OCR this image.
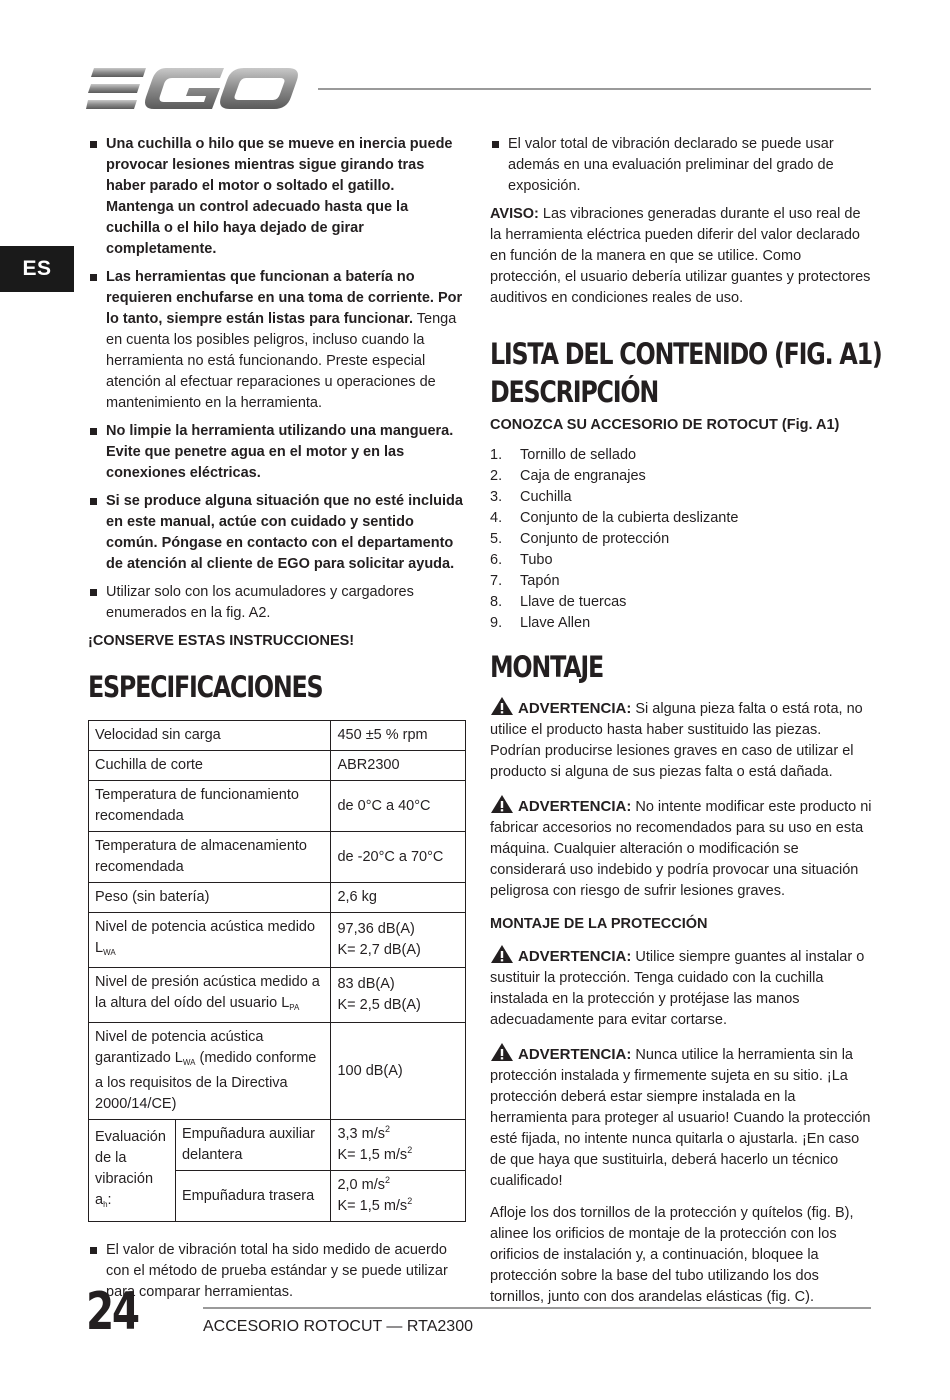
ES
Una cuchilla o hilo que se mueve en inercia puede provocar lesiones mientras sigue girando tras haber parado el motor o soltado el gatillo. Mantenga un control adecuado hasta que la cuchilla o el hilo haya dejado de girar completamente.
Las herramientas que funcionan a batería no requieren enchufarse en una toma de corriente. Por lo tanto, siempre están listas para funcionar. Tenga en cuenta los posibles peligros, incluso cuando la herramienta no está funcionando. Preste especial atención al efectuar reparaciones u operaciones de mantenimiento en la herramienta.
No limpie la herramienta utilizando una manguera. Evite que penetre agua en el motor y en las conexiones eléctricas.
Si se produce alguna situación que no esté incluida en este manual, actúe con cuidado y sentido común. Póngase en contacto con el departamento de atención al cliente de EGO para solicitar ayuda.
Utilizar solo con los acumuladores y cargadores enumerados en la fig. A2.
¡CONSERVE ESTAS INSTRUCCIONES!
ESPECIFICACIONES
Velocidad sin carga		450 ±5 % rpm
Cuchilla de corte		ABR2300
Temperatura de funcionamiento recomendada		de 0°C a 40°C
Temperatura de almacenamiento recomendada		de -20°C a 70°C
Peso (sin batería)		2,6 kg
Nivel de potencia acústica medido $L_{WA}$		97,36 dB(A)
K= 2,7 dB(A)

Nivel de presión acústica medido a la altura del oído del usuario $L_{PA}$		83 dB(A)
K= 2,5 dB(A)

Nivel de potencia acústica garantizado $L_{WA}$ (medido conforme a los requisitos de la Directiva 2000/14/CE)		100 dB(A)
Evaluación de la vibración $a_h$:	Empuñadura auxiliar delantera	3,3 $m/s^2$
K= 1,5 $m/s^2$

	Empuñadura trasera	2,0 $m/s^2$
K= 1,5 $m/s^2$
El valor de vibración total ha sido medido de acuerdo con el método de prueba estándar y se puede utilizar para comparar herramientas.
El valor total de vibración declarado se puede usar además en una evaluación preliminar del grado de exposición.
AVISO: Las vibraciones generadas durante el uso real de la herramienta eléctrica pueden diferir del valor declarado en función de la manera en que se utilice. Como protección, el usuario debería utilizar guantes y protectores auditivos en condiciones reales de uso.
LISTA DEL CONTENIDO (FIG. A1)
DESCRIPCIÓN
CONOZCA SU ACCESORIO DE ROTOCUT (Fig. A1)
1.	Tornillo de sellado
2.	Caja de engranajes
3.	Cuchilla
4.	Conjunto de la cubierta deslizante
5.	Conjunto de protección
6.	Tubo
7.	Tapón
8.	Llave de tuercas
9.	Llave Allen
MONTAJE
ADVERTENCIA: Si alguna pieza falta o está rota, no utilice el producto hasta haber sustituido las piezas. Podrían producirse lesiones graves en caso de utilizar el producto si alguna de sus piezas falta o está dañada.
ADVERTENCIA: No intente modificar este producto ni fabricar accesorios no recomendados para su uso en esta máquina. Cualquier alteración o modificación se considerará uso indebido y podría provocar una situación peligrosa con riesgo de sufrir lesiones graves.
MONTAJE DE LA PROTECCIÓN
ADVERTENCIA: Utilice siempre guantes al instalar o sustituir la protección. Tenga cuidado con la cuchilla instalada en la protección y protéjase las manos adecuadamente para evitar cortarse.
ADVERTENCIA: Nunca utilice la herramienta sin la protección instalada y firmemente sujeta en su sitio. ¡La protección deberá estar siempre instalada en la herramienta para proteger al usuario! Cuando la protección esté fijada, no intente nunca quitarla o ajustarla. ¡En caso de que haya que sustituirla, deberá hacerlo un técnico cualificado!
Afloje los dos tornillos de la protección y quítelos (fig. B), alinee los orificios de montaje de la protección con los orificios de instalación y, a continuación, bloquee la protección sobre la base del tubo utilizando los dos tornillos, junto con dos arandelas elásticas (fig. C).
24	ACCESORIO ROTOCUT — RTA2300
